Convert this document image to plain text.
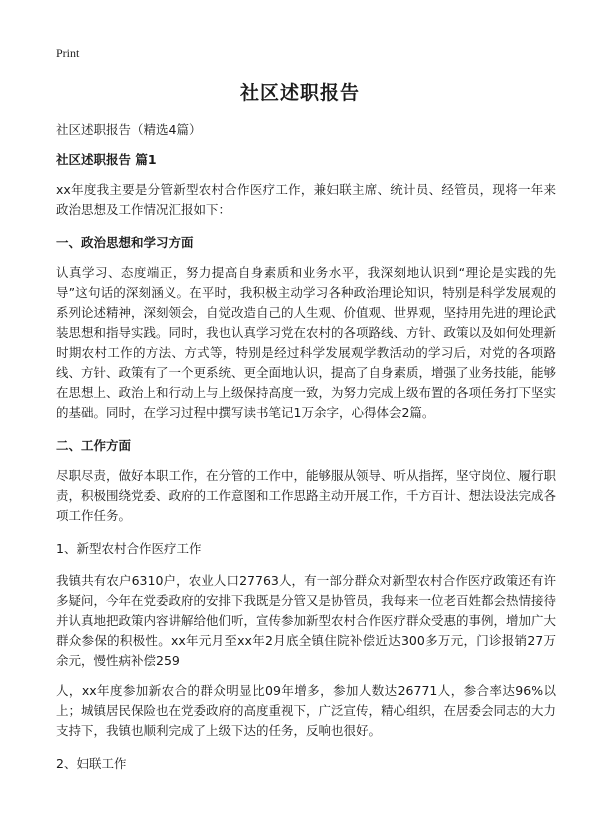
Print
社区述职报告

社区述职报告（精选4篇）

社区述职报告 篇1

xx年度我主要是分管新型农村合作医疗工作，兼妇联主席、统计员、经管员，现将一年来政治思想及工作情况汇报如下：

一、政治思想和学习方面

认真学习、态度端正，努力提高自身素质和业务水平，我深刻地认识到“理论是实践的先导”这句话的深刻涵义。在平时，我积极主动学习各种政治理论知识，特别是科学发展观的系列论述精神，深刻领会，自觉改造自己的人生观、价值观、世界观，坚持用先进的理论武装思想和指导实践。同时，我也认真学习党在农村的各项路线、方针、政策以及如何处理新时期农村工作的方法、方式等，特别是经过科学发展观学教活动的学习后，对党的各项路线、方针、政策有了一个更系统、更全面地认识，提高了自身素质，增强了业务技能，能够在思想上、政治上和行动上与上级保持高度一致，为努力完成上级布置的各项任务打下坚实的基础。同时，在学习过程中撰写读书笔记1万余字，心得体会2篇。

二、工作方面

尽职尽责，做好本职工作，在分管的工作中，能够服从领导、听从指挥，坚守岗位、履行职责，积极围绕党委、政府的工作意图和工作思路主动开展工作，千方百计、想法设法完成各项工作任务。

1、新型农村合作医疗工作

我镇共有农户6310户，农业人口27763人，有一部分群众对新型农村合作医疗政策还有许多疑问，今年在党委政府的安排下我既是分管又是协管员，我每来一位老百姓都会热情接待并认真地把政策内容讲解给他们听，宣传参加新型农村合作医疗群众受惠的事例，增加广大群众参保的积极性。xx年元月至xx年2月底全镇住院补偿近达300多万元，门诊报销27万余元，慢性病补偿259

人，xx年度参加新农合的群众明显比09年增多，参加人数达26771人，参合率达96%以上；城镇居民保险也在党委政府的高度重视下，广泛宣传，精心组织，在居委会同志的大力支持下，我镇也顺利完成了上级下达的任务，反响也很好。

2、妇联工作
